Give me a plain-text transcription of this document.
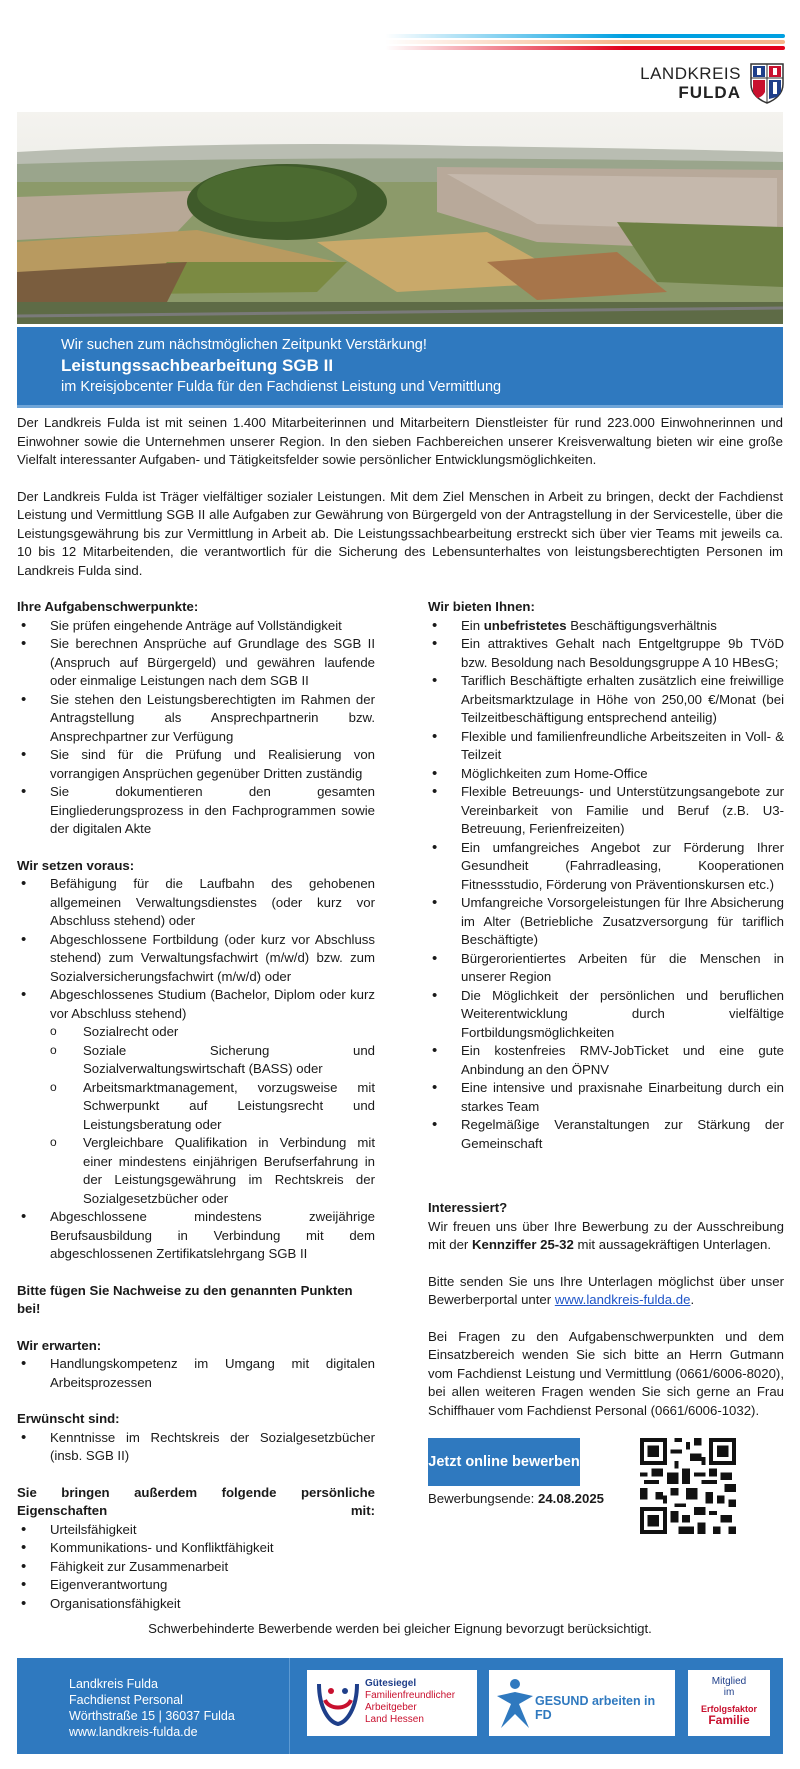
LANDKREIS
FULDA
Wir suchen zum nächstmöglichen Zeitpunkt Verstärkung!
Leistungssachbearbeitung SGB II
im Kreisjobcenter Fulda für den Fachdienst Leistung und Vermittlung

Der Landkreis Fulda ist mit seinen 1.400 Mitarbeiterinnen und Mitarbeitern Dienstleister für rund 223.000 Einwohnerinnen und Einwohner sowie die Unternehmen unserer Region. In den sieben Fachbereichen unserer Kreisverwaltung bieten wir eine große Vielfalt interessanter Aufgaben- und Tätigkeitsfelder sowie persönlicher Entwicklungsmöglichkeiten.

Der Landkreis Fulda ist Träger vielfältiger sozialer Leistungen. Mit dem Ziel Menschen in Arbeit zu bringen, deckt der Fachdienst Leistung und Vermittlung SGB II alle Aufgaben zur Gewährung von Bürgergeld von der Antragstellung in der Servicestelle, über die Leistungsgewährung bis zur Vermittlung in Arbeit ab. Die Leistungssachbearbeitung erstreckt sich über vier Teams mit jeweils ca. 10 bis 12 Mitarbeitenden, die verantwortlich für die Sicherung des Lebensunterhaltes von leistungsberechtigten Personen im Landkreis Fulda sind.

Ihre Aufgabenschwerpunkte:
• Sie prüfen eingehende Anträge auf Vollständigkeit
• Sie berechnen Ansprüche auf Grundlage des SGB II (Anspruch auf Bürgergeld) und gewähren laufende oder einmalige Leistungen nach dem SGB II
• Sie stehen den Leistungsberechtigten im Rahmen der Antragstellung als Ansprechpartnerin bzw. Ansprechpartner zur Verfügung
• Sie sind für die Prüfung und Realisierung von vorrangigen Ansprüchen gegenüber Dritten zuständig
• Sie dokumentieren den gesamten Eingliederungsprozess in den Fachprogrammen sowie der digitalen Akte
Wir setzen voraus:
• Befähigung für die Laufbahn des gehobenen allgemeinen Verwaltungsdienstes (oder kurz vor Abschluss stehend) oder
• Abgeschlossene Fortbildung (oder kurz vor Abschluss stehend) zum Verwaltungsfachwirt (m/w/d) bzw. zum Sozialversicherungsfachwirt (m/w/d) oder
• Abgeschlossenes Studium (Bachelor, Diplom oder kurz vor Abschluss stehend)
o Sozialrecht oder
o Soziale Sicherung und Sozialverwaltungswirtschaft (BASS) oder
o Arbeitsmarktmanagement, vorzugsweise mit Schwerpunkt auf Leistungsrecht und Leistungsberatung oder
o Vergleichbare Qualifikation in Verbindung mit einer mindestens einjährigen Berufserfahrung in der Leistungsgewährung im Rechtskreis der Sozialgesetzbücher oder
• Abgeschlossene mindestens zweijährige Berufsausbildung in Verbindung mit dem abgeschlossenen Zertifikatslehrgang SGB II
Bitte fügen Sie Nachweise zu den genannten Punkten bei!
Wir erwarten:
• Handlungskompetenz im Umgang mit digitalen Arbeitsprozessen
Erwünscht sind:
• Kenntnisse im Rechtskreis der Sozialgesetzbücher (insb. SGB II)
Sie bringen außerdem folgende persönliche Eigenschaften mit:
• Urteilsfähigkeit
• Kommunikations- und Konfliktfähigkeit
• Fähigkeit zur Zusammenarbeit
• Eigenverantwortung
• Organisationsfähigkeit
Wir bieten Ihnen:
• Ein unbefristetes Beschäftigungsverhältnis
• Ein attraktives Gehalt nach Entgeltgruppe 9b TVöD bzw. Besoldung nach Besoldungsgruppe A 10 HBesG;
• Tariflich Beschäftigte erhalten zusätzlich eine freiwillige Arbeitsmarktzulage in Höhe von 250,00 €/Monat (bei Teilzeitbeschäftigung entsprechend anteilig)
• Flexible und familienfreundliche Arbeitszeiten in Voll- & Teilzeit
• Möglichkeiten zum Home-Office
• Flexible Betreuungs- und Unterstützungsangebote zur Vereinbarkeit von Familie und Beruf (z.B. U3-Betreuung, Ferienfreizeiten)
• Ein umfangreiches Angebot zur Förderung Ihrer Gesundheit (Fahrradleasing, Kooperationen Fitnessstudio, Förderung von Präventionskursen etc.)
• Umfangreiche Vorsorgeleistungen für Ihre Absicherung im Alter (Betriebliche Zusatzversorgung für tariflich Beschäftigte)
• Bürgerorientiertes Arbeiten für die Menschen in unserer Region
• Die Möglichkeit der persönlichen und beruflichen Weiterentwicklung durch vielfältige Fortbildungsmöglichkeiten
• Ein kostenfreies RMV-JobTicket und eine gute Anbindung an den ÖPNV
• Eine intensive und praxisnahe Einarbeitung durch ein starkes Team
• Regelmäßige Veranstaltungen zur Stärkung der Gemeinschaft
Interessiert?

Wir freuen uns über Ihre Bewerbung zu der Ausschreibung mit der Kennziffer 25-32 mit aussagekräftigen Unterlagen.

Bitte senden Sie uns Ihre Unterlagen möglichst über unser Bewerberportal unter www.landkreis-fulda.de.

Bei Fragen zu den Aufgabenschwerpunkten und dem Einsatzbereich wenden Sie sich bitte an Herrn Gutmann vom Fachdienst Leistung und Vermittlung (0661/6006-8020), bei allen weiteren Fragen wenden Sie sich gerne an Frau Schiffhauer vom Fachdienst Personal (0661/6006-1032).

Jetzt online bewerben
Bewerbungsende: 24.08.2025
Schwerbehinderte Bewerbende werden bei gleicher Eignung bevorzugt berücksichtigt.
Landkreis Fulda
Fachdienst Personal
Wörthstraße 15 | 36037 Fulda
www.landkreis-fulda.de
Gütesiegel
Familienfreundlicher
Arbeitgeber
Land Hessen
GESUND arbeiten in FD
Mitglied
im
Erfolgsfaktor
Familie
